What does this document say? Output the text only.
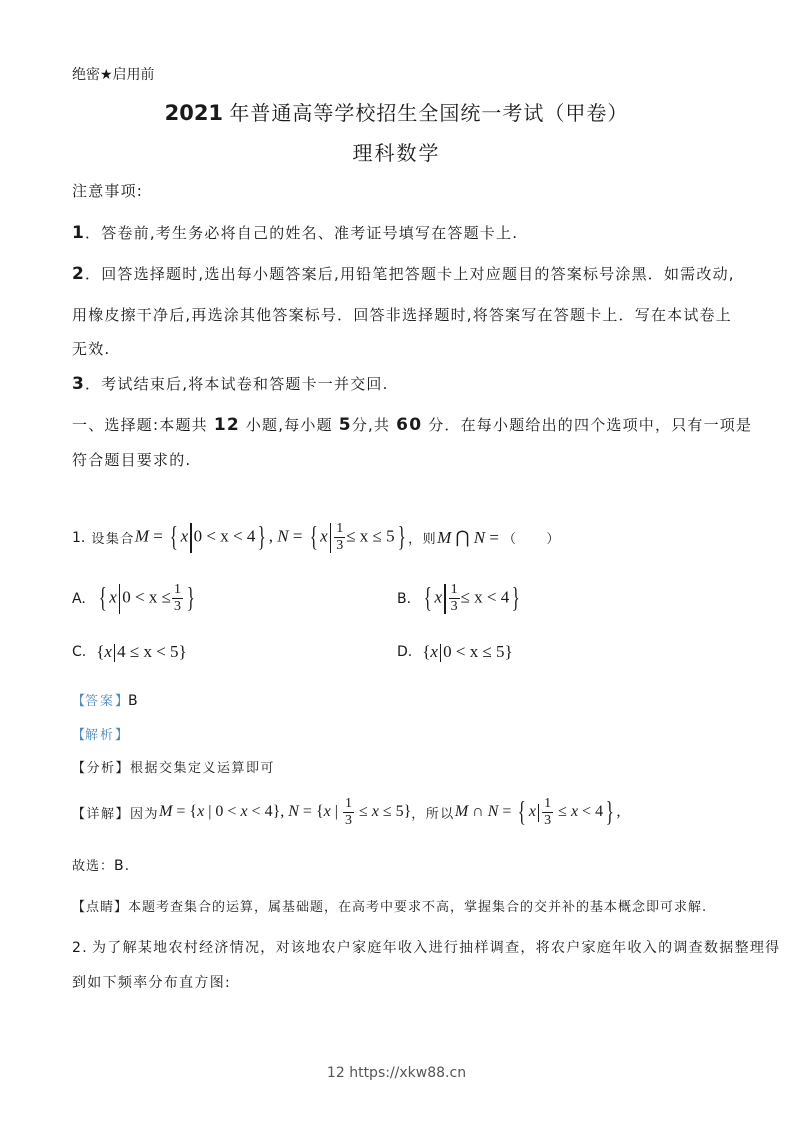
绝密★启用前
2021 年普通高等学校招生全国统一考试（甲卷）
理科数学
注意事项:
1．答卷前,考生务必将自己的姓名、准考证号填写在答题卡上.
2．回答选择题时,选出每小题答案后,用铅笔把答题卡上对应题目的答案标号涂黑．如需改动,
用橡皮擦干净后,再选涂其他答案标号．回答非选择题时,将答案写在答题卡上．写在本试卷上
无效.
3．考试结束后,将本试卷和答题卡一并交回.
一、选择题:本题共 12 小题,每小题 5分,共 60 分．在每小题给出的四个选项中，只有一项是
符合题目要求的.
1. 设集合 M = { x 0 < x < 4} , N = { x $\frac{1}{3} \le x \le 5$} ，则 M ⋂ N = （　　）
A. { x $0 < x \le \frac{1}{3}$ }	B. { x $\frac{1}{3} \le x < 4$}
C. {x 4 ≤ x < 5}	D. {x 0 < x ≤ 5}
【答案】B
【解析】
【分析】根据交集定义运算即可
【详解】因为 M = {x | 0 < x < 4}, N = {x | $\frac{1}{3} \le x \le 5$} ，所以 M ∩ N = { x $\frac{1}{3} \le x < 4$} ,
故选：B.
【点睛】本题考查集合的运算，属基础题，在高考中要求不高，掌握集合的交并补的基本概念即可求解.
2. 为了解某地农村经济情况，对该地农户家庭年收入进行抽样调查，将农户家庭年收入的调查数据整理得
到如下频率分布直方图:
12 https://xkw88.cn
